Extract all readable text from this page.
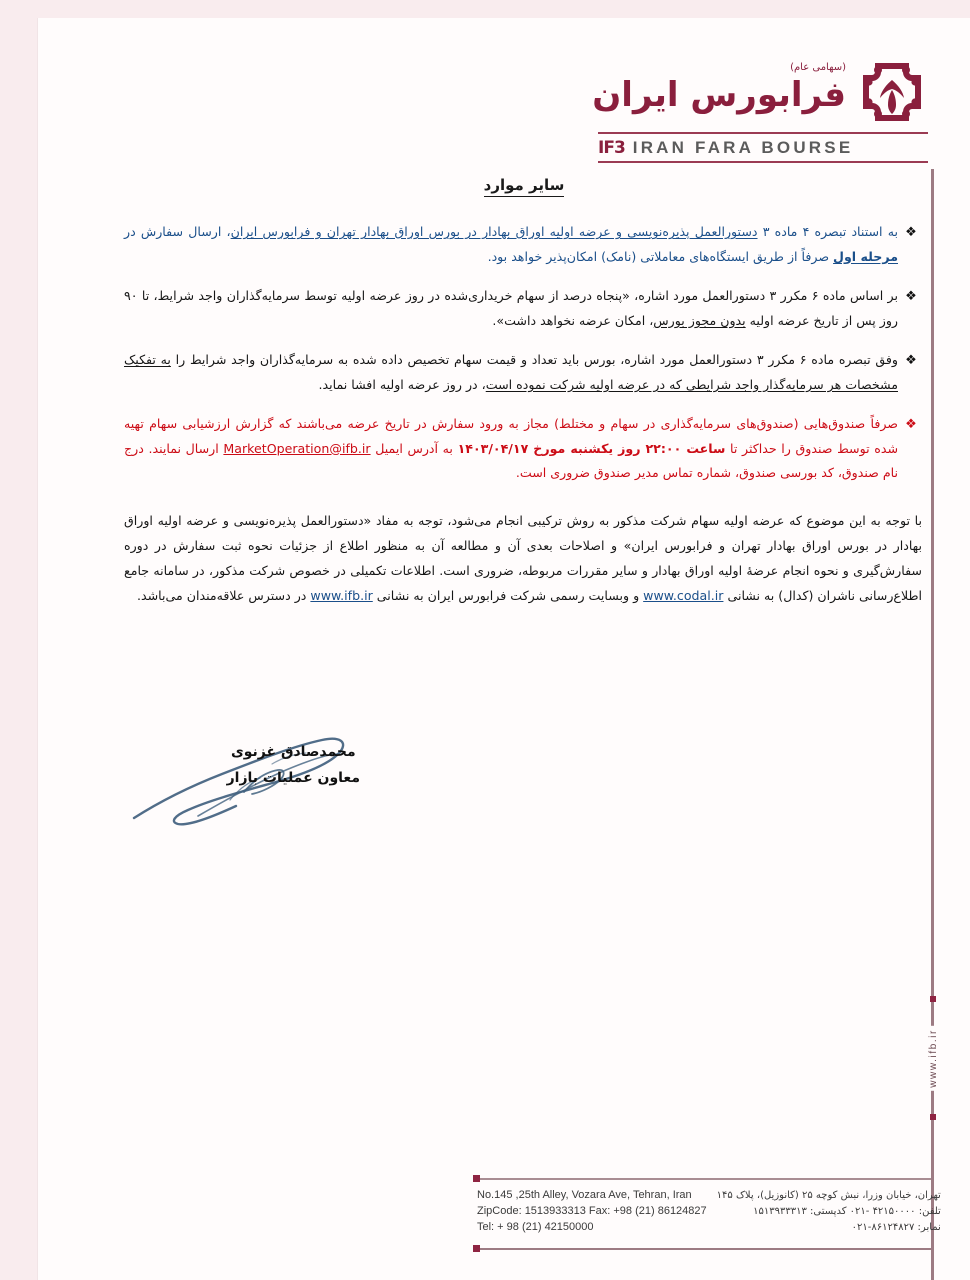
www.ifb.ir
(سهامی عام)
فرابورس ایران
IF3 IRAN FARA BOURSE
سایر موارد
❖
به استناد تبصره ۴ ماده ۳ دستورالعمل پذیره‌نویسی و عرضه اولیه اوراق بهادار در بورس اوراق بهادار تهران و فرابورس ایران، ارسال سفارش در مرحله اول صرفاً از طریق ایستگاه‌های معاملاتی (نامک) امکان‌پذیر خواهد بود.
❖
بر اساس ماده ۶ مکرر ۳ دستورالعمل مورد اشاره، «پنجاه درصد از سهام خریداری‌شده در روز عرضه اولیه توسط سرمایه‌گذاران واجد شرایط، تا ۹۰ روز پس از تاریخ عرضه اولیه بدون مجوز بورس، امکان عرضه نخواهد داشت».
❖
وفق تبصره ماده ۶ مکرر ۳ دستورالعمل مورد اشاره، بورس باید تعداد و قیمت سهام تخصیص داده شده به سرمایه‌گذاران واجد شرایط را به تفکیک مشخصات هر سرمایه‌گذار واجد شرایطی که در عرضه اولیه شرکت نموده است، در روز عرضه اولیه افشا نماید.
❖
صرفاً صندوق‌هایی (صندوق‌های سرمایه‌گذاری در سهام و مختلط) مجاز به ورود سفارش در تاریخ عرضه می‌باشند که گزارش ارزشیابی سهام تهیه شده توسط صندوق را حداکثر تا ساعت ۲۲:۰۰ روز یکشنبه مورخ ۱۴۰۳/۰۴/۱۷ به آدرس ایمیل MarketOperation@ifb.ir ارسال نمایند. درج نام صندوق، کد بورسی صندوق، شماره تماس مدیر صندوق ضروری است.
با توجه به این موضوع که عرضه اولیه سهام شرکت مذکور به روش ترکیبی انجام می‌شود، توجه به مفاد «دستورالعمل پذیره‌نویسی و عرضه اولیه اوراق بهادار در بورس اوراق بهادار تهران و فرابورس ایران» و اصلاحات بعدی آن و مطالعه آن به منظور اطلاع از جزئیات نحوه ثبت سفارش در دوره سفارش‌گیری و نحوه انجام عرضهٔ اولیه اوراق بهادار و سایر مقررات مربوطه، ضروری است. اطلاعات تکمیلی در خصوص شرکت مذکور، در سامانه جامع اطلاع‌رسانی ناشران (کدال) به نشانی www.codal.ir و وبسایت رسمی شرکت فرابورس ایران به نشانی www.ifb.ir در دسترس علاقه‌مندان می‌باشد.
محمدصادق غزنوی
معاون عملیات بازار
No.145 ,25th Alley, Vozara Ave, Tehran, Iran
ZipCode: 1513933313 Fax: +98 (21) 86124827
Tel: + 98 (21) 42150000
تهران، خیابان وزرا، نبش کوچه ۲۵ (کانوزیل)، پلاک ۱۴۵
تلفن: ۴۲۱۵۰۰۰۰ -۰۲۱ کدپستی: ۱۵۱۳۹۳۳۳۱۳
نمابر: ۸۶۱۲۴۸۲۷-۰۲۱
